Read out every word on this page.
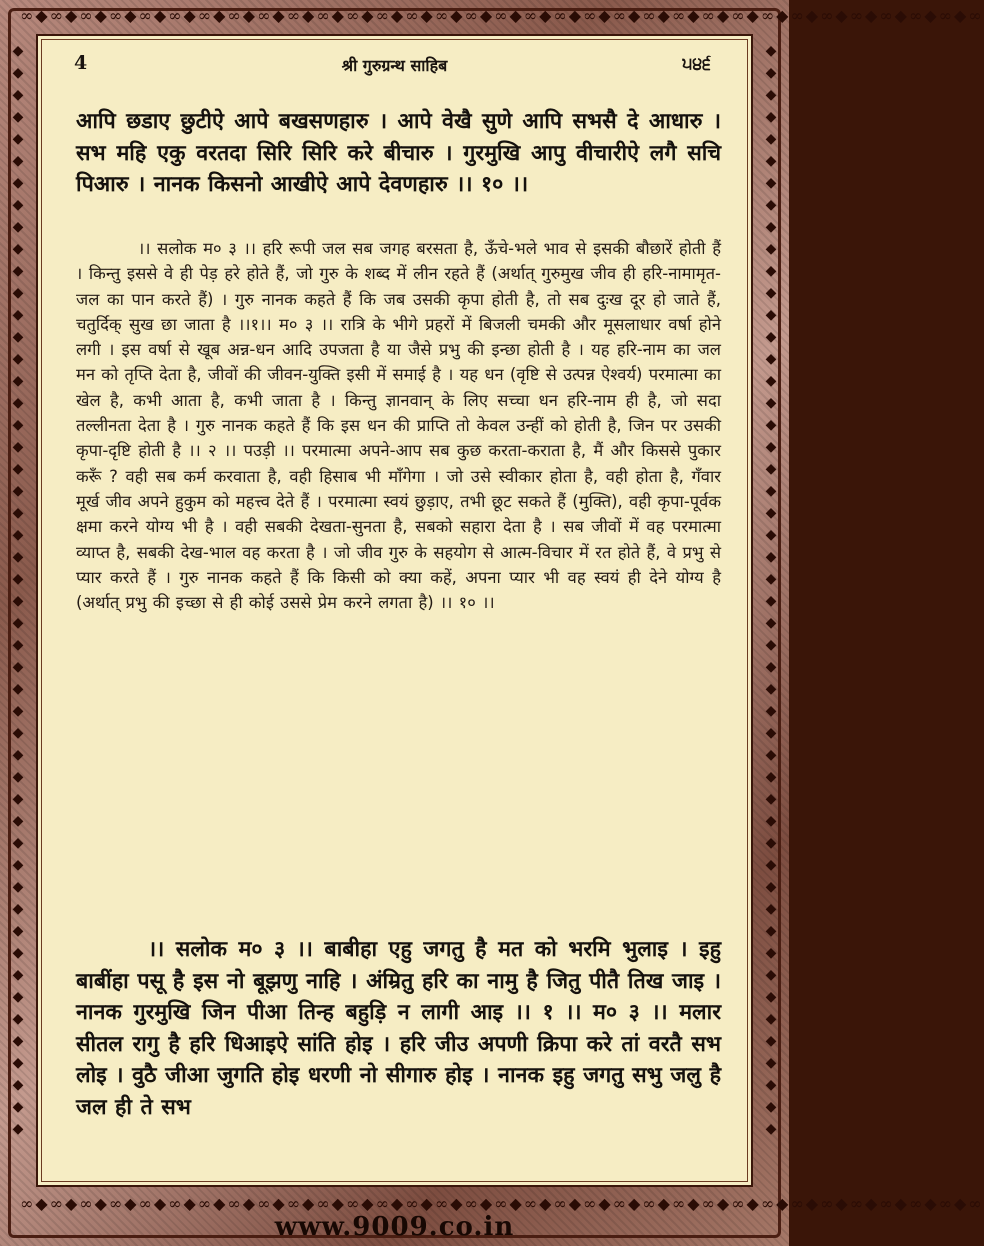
∞◆∞◆∞◆∞◆∞◆∞◆∞◆∞◆∞◆∞◆∞◆∞◆∞◆∞◆∞◆∞◆∞◆∞◆∞◆∞◆∞◆∞◆∞◆∞◆∞◆∞◆∞◆∞◆∞◆∞◆∞◆∞◆∞
◆◆◆◆◆◆◆◆◆◆◆◆◆◆◆◆◆◆◆◆◆◆◆◆◆◆◆◆◆◆◆◆◆◆◆◆◆◆◆◆◆◆◆◆◆◆◆◆◆◆
◆◆◆◆◆◆◆◆◆◆◆◆◆◆◆◆◆◆◆◆◆◆◆◆◆◆◆◆◆◆◆◆◆◆◆◆◆◆◆◆◆◆◆◆◆◆◆◆◆◆
4	श्री गुरुग्रन्थ साहिब	੫੪੬

आपि छडाए छुटीऐ आपे बखसणहारु । आपे वेखै सुणे आपि सभसै दे आधारु । सभ महि एकु वरतदा सिरि सिरि करे बीचारु । गुरमुखि आपु वीचारीऐ लगै सचि पिआरु । नानक किसनो आखीऐ आपे देवणहारु ।। १० ।।

।। सलोक म० ३ ।। हरि रूपी जल सब जगह बरसता है, ऊँचे-भले भाव से इसकी बौछारें होती हैं । किन्तु इससे वे ही पेड़ हरे होते हैं, जो गुरु के शब्द में लीन रहते हैं (अर्थात् गुरुमुख जीव ही हरि-नामामृत-जल का पान करते हैं) । गुरु नानक कहते हैं कि जब उसकी कृपा होती है, तो सब दुःख दूर हो जाते हैं, चतुर्दिक् सुख छा जाता है ।।१।। म० ३ ।। रात्रि के भीगे प्रहरों में बिजली चमकी और मूसलाधार वर्षा होने लगी । इस वर्षा से खूब अन्न-धन आदि उपजता है या जैसे प्रभु की इन्छा होती है । यह हरि-नाम का जल मन को तृप्ति देता है, जीवों की जीवन-युक्ति इसी में समाई है । यह धन (वृष्टि से उत्पन्न ऐश्वर्य) परमात्मा का खेल है, कभी आता है, कभी जाता है । किन्तु ज्ञानवान् के लिए सच्चा धन हरि-नाम ही है, जो सदा तल्लीनता देता है । गुरु नानक कहते हैं कि इस धन की प्राप्ति तो केवल उन्हीं को होती है, जिन पर उसकी कृपा-दृष्टि होती है ।। २ ।। पउड़ी ।। परमात्मा अपने-आप सब कुछ करता-कराता है, मैं और किससे पुकार करूँ ? वही सब कर्म करवाता है, वही हिसाब भी माँगेगा । जो उसे स्वीकार होता है, वही होता है, गँवार मूर्ख जीव अपने हुकुम को महत्त्व देते हैं । परमात्मा स्वयं छुड़ाए, तभी छूट सकते हैं (मुक्ति), वही कृपा-पूर्वक क्षमा करने योग्य भी है । वही सबकी देखता-सुनता है, सबको सहारा देता है । सब जीवों में वह परमात्मा व्याप्त है, सबकी देख-भाल वह करता है । जो जीव गुरु के सहयोग से आत्म-विचार में रत होते हैं, वे प्रभु से प्यार करते हैं । गुरु नानक कहते हैं कि किसी को क्या कहें, अपना प्यार भी वह स्वयं ही देने योग्य है (अर्थात् प्रभु की इच्छा से ही कोई उससे प्रेम करने लगता है) ।। १० ।।

।। सलोक म० ३ ।। बाबीहा एहु जगतु है मत को भरमि भुलाइ । इहु बाबींहा पसू है इस नो बूझणु नाहि । अंम्रितु हरि का नामु है जितु पीतै तिख जाइ । नानक गुरमुखि जिन पीआ तिन्ह बहुड़ि न लागी आइ ।। १ ।। म० ३ ।। मलार सीतल रागु है हरि धिआइऐ सांति होइ । हरि जीउ अपणी क्रिपा करे तां वरतै सभ लोइ । वुठै जीआ जुगति होइ धरणी नो सीगारु होइ । नानक इहु जगतु सभु जलु है जल ही ते सभ

∞◆∞◆∞◆∞◆∞◆∞◆∞◆∞◆∞◆∞◆∞◆∞◆∞◆∞◆∞◆∞◆∞◆∞◆∞◆∞◆∞◆∞◆∞◆∞◆∞◆∞◆∞◆∞◆∞◆∞◆∞◆∞◆∞
www.9009.co.in
